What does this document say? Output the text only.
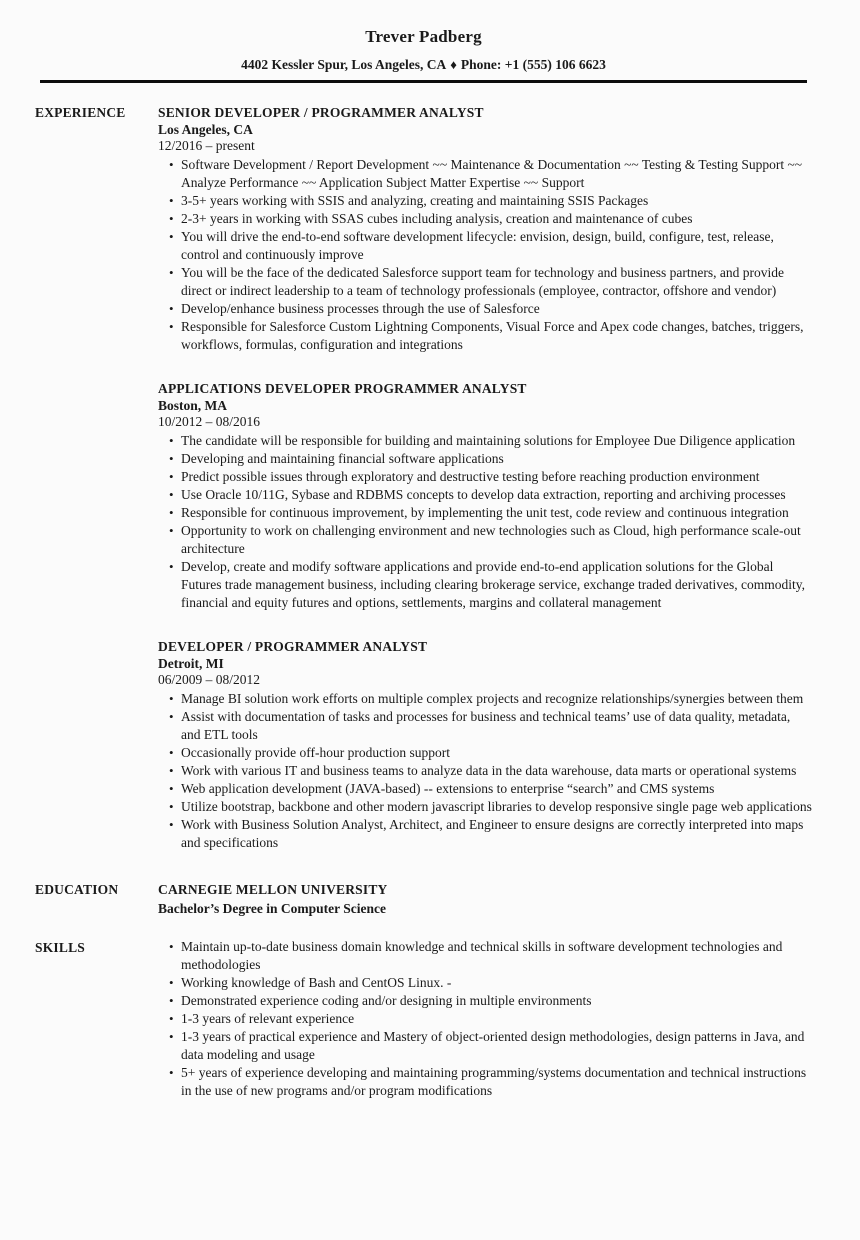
Trever Padberg
4402 Kessler Spur, Los Angeles, CA ♦ Phone: +1 (555) 106 6623
EXPERIENCE	SENIOR DEVELOPER / PROGRAMMER ANALYST
Los Angeles, CA
12/2016 – present
• Software Development / Report Development ~~ Maintenance & Documentation ~~ Testing & Testing Support ~~ Analyze Performance ~~ Application Subject Matter Expertise ~~ Support
• 3-5+ years working with SSIS and analyzing, creating and maintaining SSIS Packages
• 2-3+ years in working with SSAS cubes including analysis, creation and maintenance of cubes
• You will drive the end-to-end software development lifecycle: envision, design, build, configure, test, release, control and continuously improve
• You will be the face of the dedicated Salesforce support team for technology and business partners, and provide direct or indirect leadership to a team of technology professionals (employee, contractor, offshore and vendor)
• Develop/enhance business processes through the use of Salesforce
• Responsible for Salesforce Custom Lightning Components, Visual Force and Apex code changes, batches, triggers, workflows, formulas, configuration and integrations
APPLICATIONS DEVELOPER PROGRAMMER ANALYST
Boston, MA
10/2012 – 08/2016
• The candidate will be responsible for building and maintaining solutions for Employee Due Diligence application
• Developing and maintaining financial software applications
• Predict possible issues through exploratory and destructive testing before reaching production environment
• Use Oracle 10/11G, Sybase and RDBMS concepts to develop data extraction, reporting and archiving processes
• Responsible for continuous improvement, by implementing the unit test, code review and continuous integration
• Opportunity to work on challenging environment and new technologies such as Cloud, high performance scale-out architecture
• Develop, create and modify software applications and provide end-to-end application solutions for the Global Futures trade management business, including clearing brokerage service, exchange traded derivatives, commodity, financial and equity futures and options, settlements, margins and collateral management
DEVELOPER / PROGRAMMER ANALYST
Detroit, MI
06/2009 – 08/2012
• Manage BI solution work efforts on multiple complex projects and recognize relationships/synergies between them
• Assist with documentation of tasks and processes for business and technical teams’ use of data quality, metadata, and ETL tools
• Occasionally provide off-hour production support
• Work with various IT and business teams to analyze data in the data warehouse, data marts or operational systems
• Web application development (JAVA-based) -- extensions to enterprise “search” and CMS systems
• Utilize bootstrap, backbone and other modern javascript libraries to develop responsive single page web applications
• Work with Business Solution Analyst, Architect, and Engineer to ensure designs are correctly interpreted into maps and specifications
EDUCATION	CARNEGIE MELLON UNIVERSITY
Bachelor’s Degree in Computer Science
SKILLS	• Maintain up-to-date business domain knowledge and technical skills in software development technologies and methodologies
• Working knowledge of Bash and CentOS Linux. -
• Demonstrated experience coding and/or designing in multiple environments
• 1-3 years of relevant experience
• 1-3 years of practical experience and Mastery of object-oriented design methodologies, design patterns in Java, and data modeling and usage
• 5+ years of experience developing and maintaining programming/systems documentation and technical instructions in the use of new programs and/or program modifications
